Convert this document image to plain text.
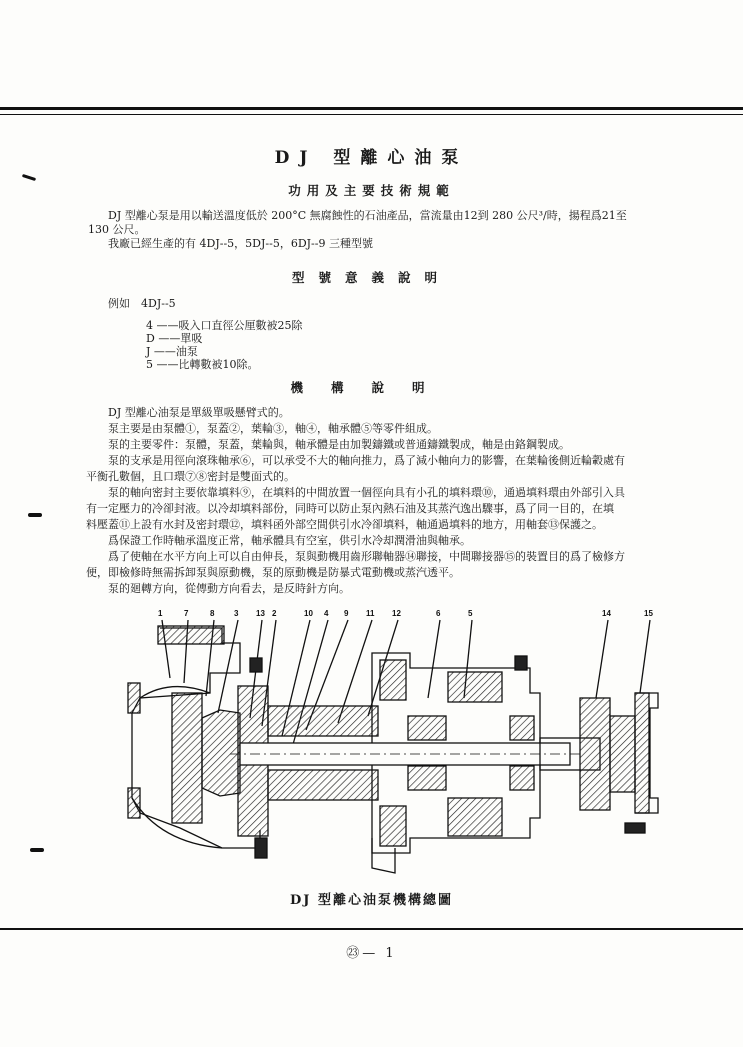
DJ 型離心油泵
功用及主要技術規範
DJ 型離心泵是用以輸送溫度低於 200°C 無腐蝕性的石油產品，當流量由12到 280 公尺³/時，揚程爲21至
130 公尺。
我廠已經生產的有 4DJ--5，5DJ--5，6DJ--9 三種型號
型號意義說明
例如　4DJ--5
4 ——吸入口直徑公厘數被25除
D ——單吸
J ——油泵
5 ——比轉數被10除。
機構說明
DJ 型離心油泵是單級單吸懸臂式的。
泵主要是由泵體①，泵蓋②，葉輪③，軸④，軸承體⑤等零件組成。
泵的主要零件：泵體，泵蓋，葉輪與，軸承體是由加製鑄鐵或普通鑄鐵製成，軸是由鉻鋼製成。
泵的支承是用徑向滾珠軸承⑥，可以承受不大的軸向推力，爲了減小軸向力的影響，在葉輪後側近輪轂處有
平衡孔數個，且口環⑦⑧密封是雙面式的。
泵的軸向密封主要依靠填料⑨，在填料的中間放置一個徑向具有小孔的填料環⑩，通過填料環由外部引入具
有一定壓力的冷卻封液。以冷却填料部份，同時可以防止泵內熱石油及其蒸汽逸出驟事，爲了同一目的，在填
料壓蓋⑪上設有水封及密封環⑫，填料函外部空間供引水冷卻填料，軸通過填料的地方，用軸套⑬保護之。
爲保證工作時軸承溫度正常，軸承體具有空室，供引水冷却潤滑油與軸承。
爲了使軸在水平方向上可以自由伸長，泵與動機用齒形聯軸器⑭聯接，中間聯接器⑮的裝置目的爲了檢修方
便，即檢修時無需拆卸泵與原動機，泵的原動機是防暴式電動機或蒸汽透平。
泵的廻轉方向，從傳動方向看去，是反時針方向。
1	7	8 3 13 2	10 4 9 11 12	6	5	14	15
DJ 型離心油泵機構總圖
㉓— 1
